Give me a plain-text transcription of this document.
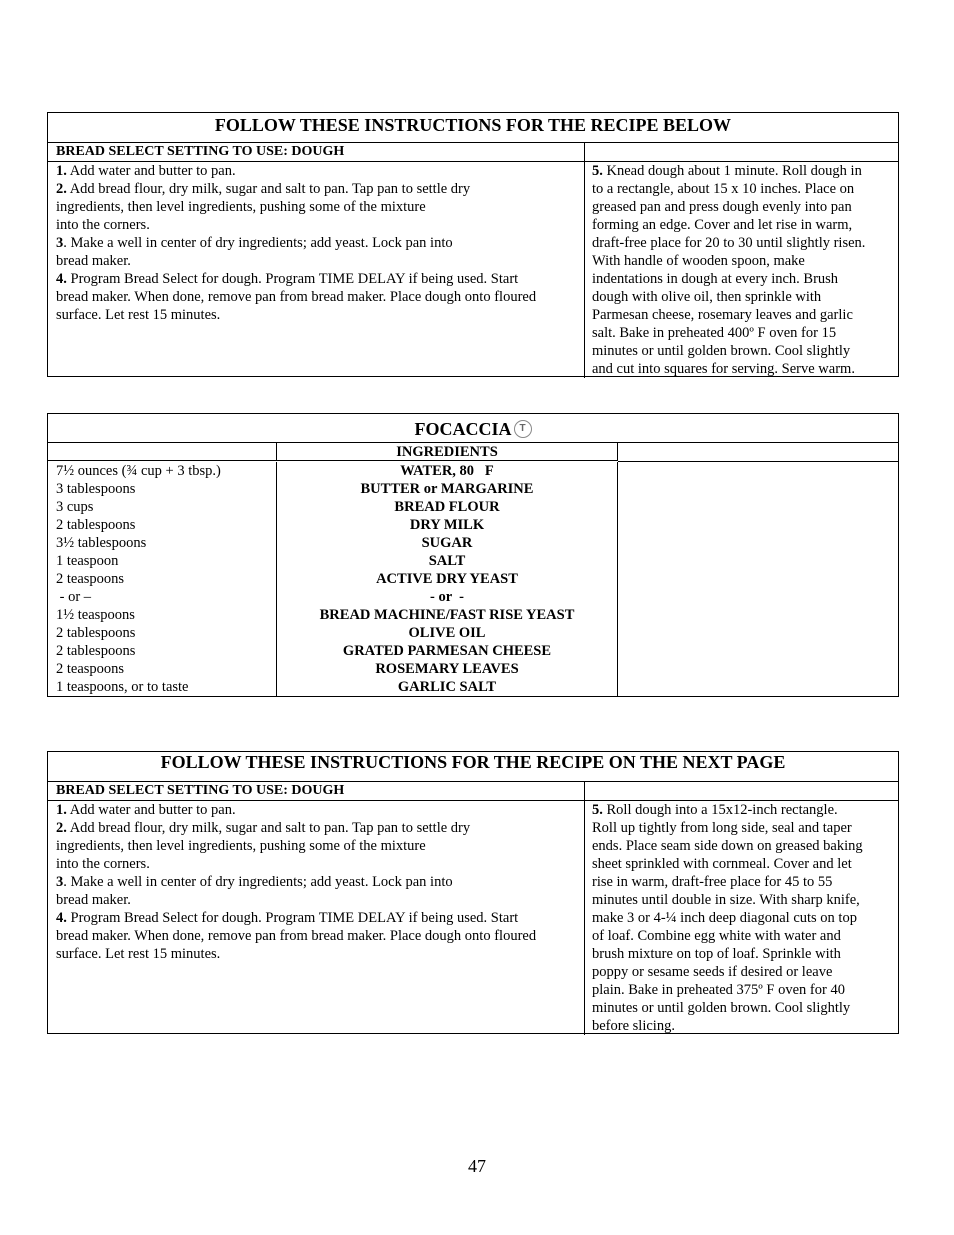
FOLLOW THESE INSTRUCTIONS FOR THE RECIPE BELOW
BREAD SELECT SETTING TO USE: DOUGH
1. Add water and butter to pan.
2. Add bread flour, dry milk, sugar and salt to pan. Tap pan to settle dry
ingredients, then level ingredients, pushing some of the mixture
into the corners.
3. Make a well in center of dry ingredients; add yeast. Lock pan into
bread maker.
4. Program Bread Select for dough. Program TIME DELAY if being used. Start
bread maker. When done, remove pan from bread maker. Place dough onto floured
surface. Let rest 15 minutes.
5. Knead dough about 1 minute. Roll dough in
to a rectangle, about 15 x 10 inches. Place on
greased pan and press dough evenly into pan
forming an edge. Cover and let rise in warm,
draft-free place for 20 to 30 until slightly risen.
With handle of wooden spoon, make
indentations in dough at every inch. Brush
dough with olive oil, then sprinkle with
Parmesan cheese, rosemary leaves and garlic
salt. Bake in preheated 400º F oven for 15
minutes or until golden brown. Cool slightly
and cut into squares for serving. Serve warm.
FOCACCIA T
INGREDIENTS
7½ ounces (¾ cup + 3 tbsp.)
3 tablespoons
3 cups
2 tablespoons
3½ tablespoons
1 teaspoon
2 teaspoons
- or –
1½ teaspoons
2 tablespoons
2 tablespoons
2 teaspoons
1 teaspoons, or to taste
WATER, 80   F
BUTTER or MARGARINE
BREAD FLOUR
DRY MILK
SUGAR
SALT
ACTIVE DRY YEAST
- or  -
BREAD MACHINE/FAST RISE YEAST
OLIVE OIL
GRATED PARMESAN CHEESE
ROSEMARY LEAVES
GARLIC SALT
FOLLOW THESE INSTRUCTIONS FOR THE RECIPE ON THE NEXT PAGE
BREAD SELECT SETTING TO USE: DOUGH
1. Add water and butter to pan.
2. Add bread flour, dry milk, sugar and salt to pan. Tap pan to settle dry
ingredients, then level ingredients, pushing some of the mixture
into the corners.
3. Make a well in center of dry ingredients; add yeast. Lock pan into
bread maker.
4. Program Bread Select for dough. Program TIME DELAY if being used. Start
bread maker. When done, remove pan from bread maker. Place dough onto floured
surface. Let rest 15 minutes.
5. Roll dough into a 15x12-inch rectangle.
Roll up tightly from long side, seal and taper
ends. Place seam side down on greased baking
sheet sprinkled with cornmeal. Cover and let
rise in warm, draft-free place for 45 to 55
minutes until double in size. With sharp knife,
make 3 or 4-¼ inch deep diagonal cuts on top
of loaf. Combine egg white with water and
brush mixture on top of loaf. Sprinkle with
poppy or sesame seeds if desired or leave
plain. Bake in preheated 375º F oven for 40
minutes or until golden brown. Cool slightly
before slicing.
47
